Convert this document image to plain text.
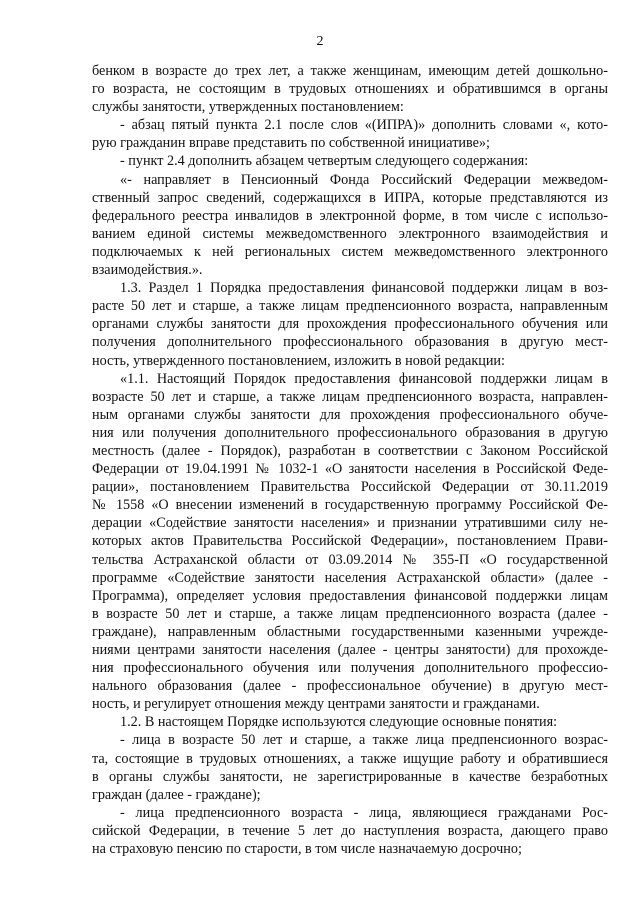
2
бенком в возрасте до трех лет, а также женщинам, имеющим детей дошкольно-
го возраста, не состоящим в трудовых отношениях и обратившимся в органы
службы занятости, утвержденных постановлением:
- абзац пятый пункта 2.1 после слов «(ИПРА)» дополнить словами «, кото-
рую гражданин вправе представить по собственной инициативе»;
- пункт 2.4 дополнить абзацем четвертым следующего содержания:
«- направляет в Пенсионный Фонда Российский Федерации межведом-
ственный запрос сведений, содержащихся в ИПРА, которые представляются из
федерального реестра инвалидов в электронной форме, в том числе с использо-
ванием единой системы межведомственного электронного взаимодействия и
подключаемых к ней региональных систем межведомственного электронного
взаимодействия.».
1.3. Раздел 1 Порядка предоставления финансовой поддержки лицам в воз-
расте 50 лет и старше, а также лицам предпенсионного возраста, направленным
органами службы занятости для прохождения профессионального обучения или
получения дополнительного профессионального образования в другую мест-
ность, утвержденного постановлением, изложить в новой редакции:
«1.1. Настоящий Порядок предоставления финансовой поддержки лицам в
возрасте 50 лет и старше, а также лицам предпенсионного возраста, направлен-
ным органами службы занятости для прохождения профессионального обуче-
ния или получения дополнительного профессионального образования в другую
местность (далее - Порядок), разработан в соответствии с Законом Российской
Федерации от 19.04.1991 № 1032-1 «О занятости населения в Российской Феде-
рации», постановлением Правительства Российской Федерации от 30.11.2019
№ 1558 «О внесении изменений в государственную программу Российской Фе-
дерации «Содействие занятости населения» и признании утратившими силу не-
которых актов Правительства Российской Федерации», постановлением Прави-
тельства Астраханской области от 03.09.2014 № 355-П «О государственной
программе «Содействие занятости населения Астраханской области» (далее -
Программа), определяет условия предоставления финансовой поддержки лицам
в возрасте 50 лет и старше, а также лицам предпенсионного возраста (далее -
граждане), направленным областными государственными казенными учрежде-
ниями центрами занятости населения (далее - центры занятости) для прохожде-
ния профессионального обучения или получения дополнительного профессио-
нального образования (далее - профессиональное обучение) в другую мест-
ность, и регулирует отношения между центрами занятости и гражданами.
1.2. В настоящем Порядке используются следующие основные понятия:
- лица в возрасте 50 лет и старше, а также лица предпенсионного возрас-
та, состоящие в трудовых отношениях, а также ищущие работу и обратившиеся
в органы службы занятости, не зарегистрированные в качестве безработных
граждан (далее - граждане);
- лица предпенсионного возраста - лица, являющиеся гражданами Рос-
сийской Федерации, в течение 5 лет до наступления возраста, дающего право
на страховую пенсию по старости, в том числе назначаемую досрочно;
